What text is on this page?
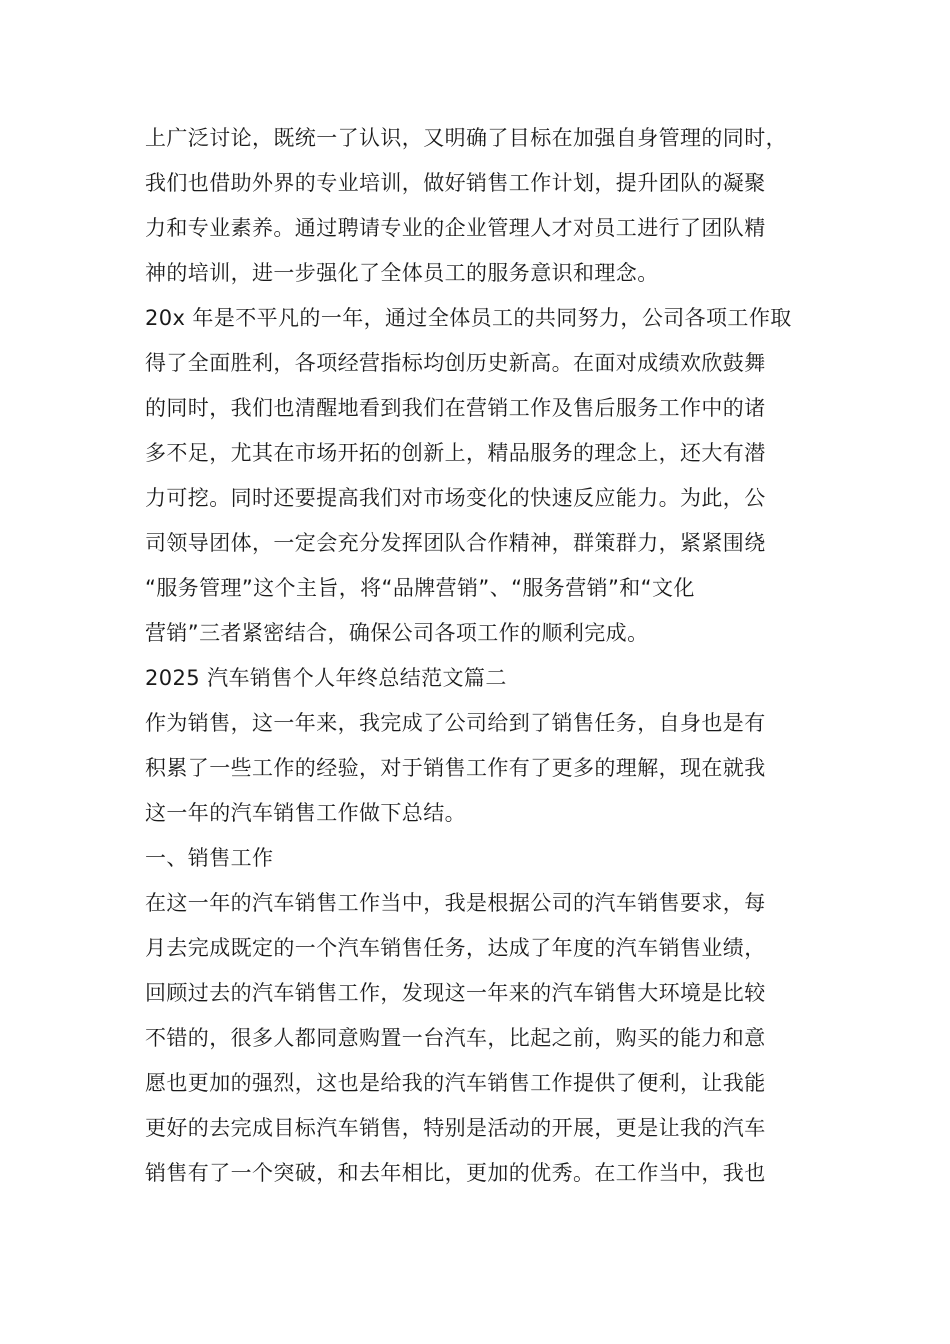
上广泛讨论，既统一了认识，又明确了目标在加强自身管理的同时，
我们也借助外界的专业培训，做好销售工作计划，提升团队的凝聚
力和专业素养。通过聘请专业的企业管理人才对员工进行了团队精
神的培训，进一步强化了全体员工的服务意识和理念。
20x 年是不平凡的一年，通过全体员工的共同努力，公司各项工作取
得了全面胜利，各项经营指标均创历史新高。在面对成绩欢欣鼓舞
的同时，我们也清醒地看到我们在营销工作及售后服务工作中的诸
多不足，尤其在市场开拓的创新上，精品服务的理念上，还大有潜
力可挖。同时还要提高我们对市场变化的快速反应能力。为此，公
司领导团体，一定会充分发挥团队合作精神，群策群力，紧紧围绕
“服务管理”这个主旨，将“品牌营销”、“服务营销”和“文化
营销”三者紧密结合，确保公司各项工作的顺利完成。
2025 汽车销售个人年终总结范文篇二
作为销售，这一年来，我完成了公司给到了销售任务，自身也是有
积累了一些工作的经验，对于销售工作有了更多的理解，现在就我
这一年的汽车销售工作做下总结。
一、销售工作
在这一年的汽车销售工作当中，我是根据公司的汽车销售要求，每
月去完成既定的一个汽车销售任务，达成了年度的汽车销售业绩，
回顾过去的汽车销售工作，发现这一年来的汽车销售大环境是比较
不错的，很多人都同意购置一台汽车，比起之前，购买的能力和意
愿也更加的强烈，这也是给我的汽车销售工作提供了便利，让我能
更好的去完成目标汽车销售，特别是活动的开展，更是让我的汽车
销售有了一个突破，和去年相比，更加的优秀。在工作当中，我也
